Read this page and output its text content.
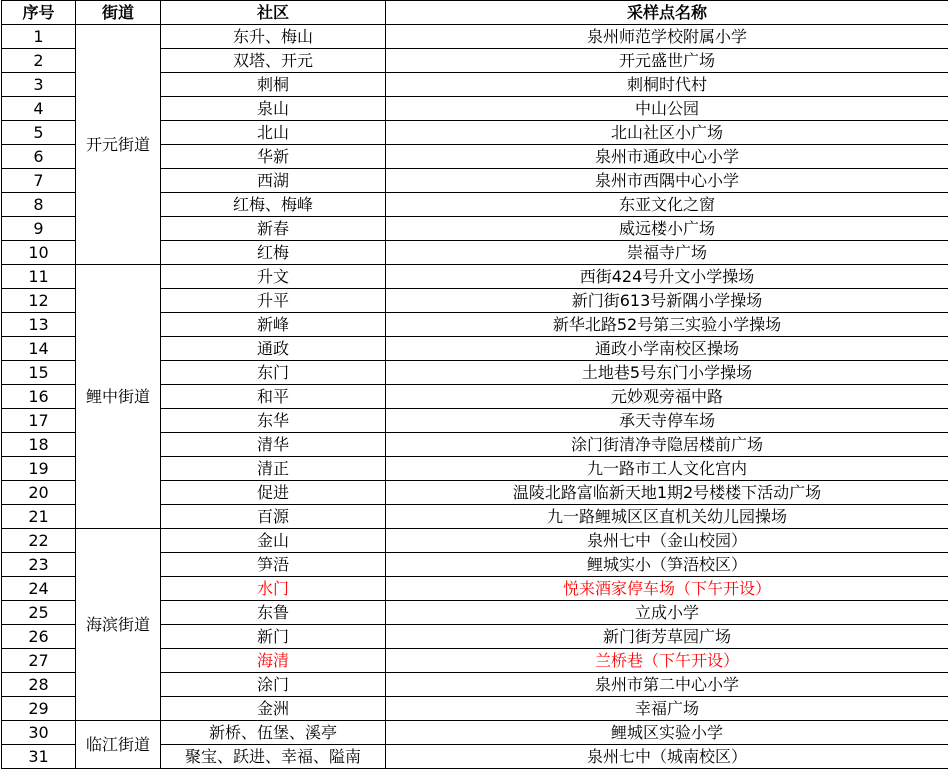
序号	街道	社区	采样点名称
1	开元街道	东升、梅山	泉州师范学校附属小学
2		双塔、开元	开元盛世广场
3		刺桐	刺桐时代村
4		泉山	中山公园
5		北山	北山社区小广场
6		华新	泉州市通政中心小学
7		西湖	泉州市西隅中心小学
8		红梅、梅峰	东亚文化之窗
9		新春	威远楼小广场
10		红梅	崇福寺广场
11	鲤中街道	升文	西街424号升文小学操场
12		升平	新门街613号新隅小学操场
13		新峰	新华北路52号第三实验小学操场
14		通政	通政小学南校区操场
15		东门	土地巷5号东门小学操场
16		和平	元妙观旁福中路
17		东华	承天寺停车场
18		清华	涂门街清净寺隐居楼前广场
19		清正	九一路市工人文化宫内
20		促进	温陵北路富临新天地1期2号楼楼下活动广场
21		百源	九一路鲤城区区直机关幼儿园操场
22	海滨街道	金山	泉州七中（金山校园）
23		笋浯	鲤城实小（笋浯校区）
24		水门	悦来酒家停车场（下午开设）
25		东鲁	立成小学
26		新门	新门街芳草园广场
27		海清	兰桥巷（下午开设）
28		涂门	泉州市第二中心小学
29		金洲	幸福广场
30	临江街道	新桥、伍堡、溪亭	鲤城区实验小学
31		聚宝、跃进、幸福、隘南	泉州七中（城南校区）
